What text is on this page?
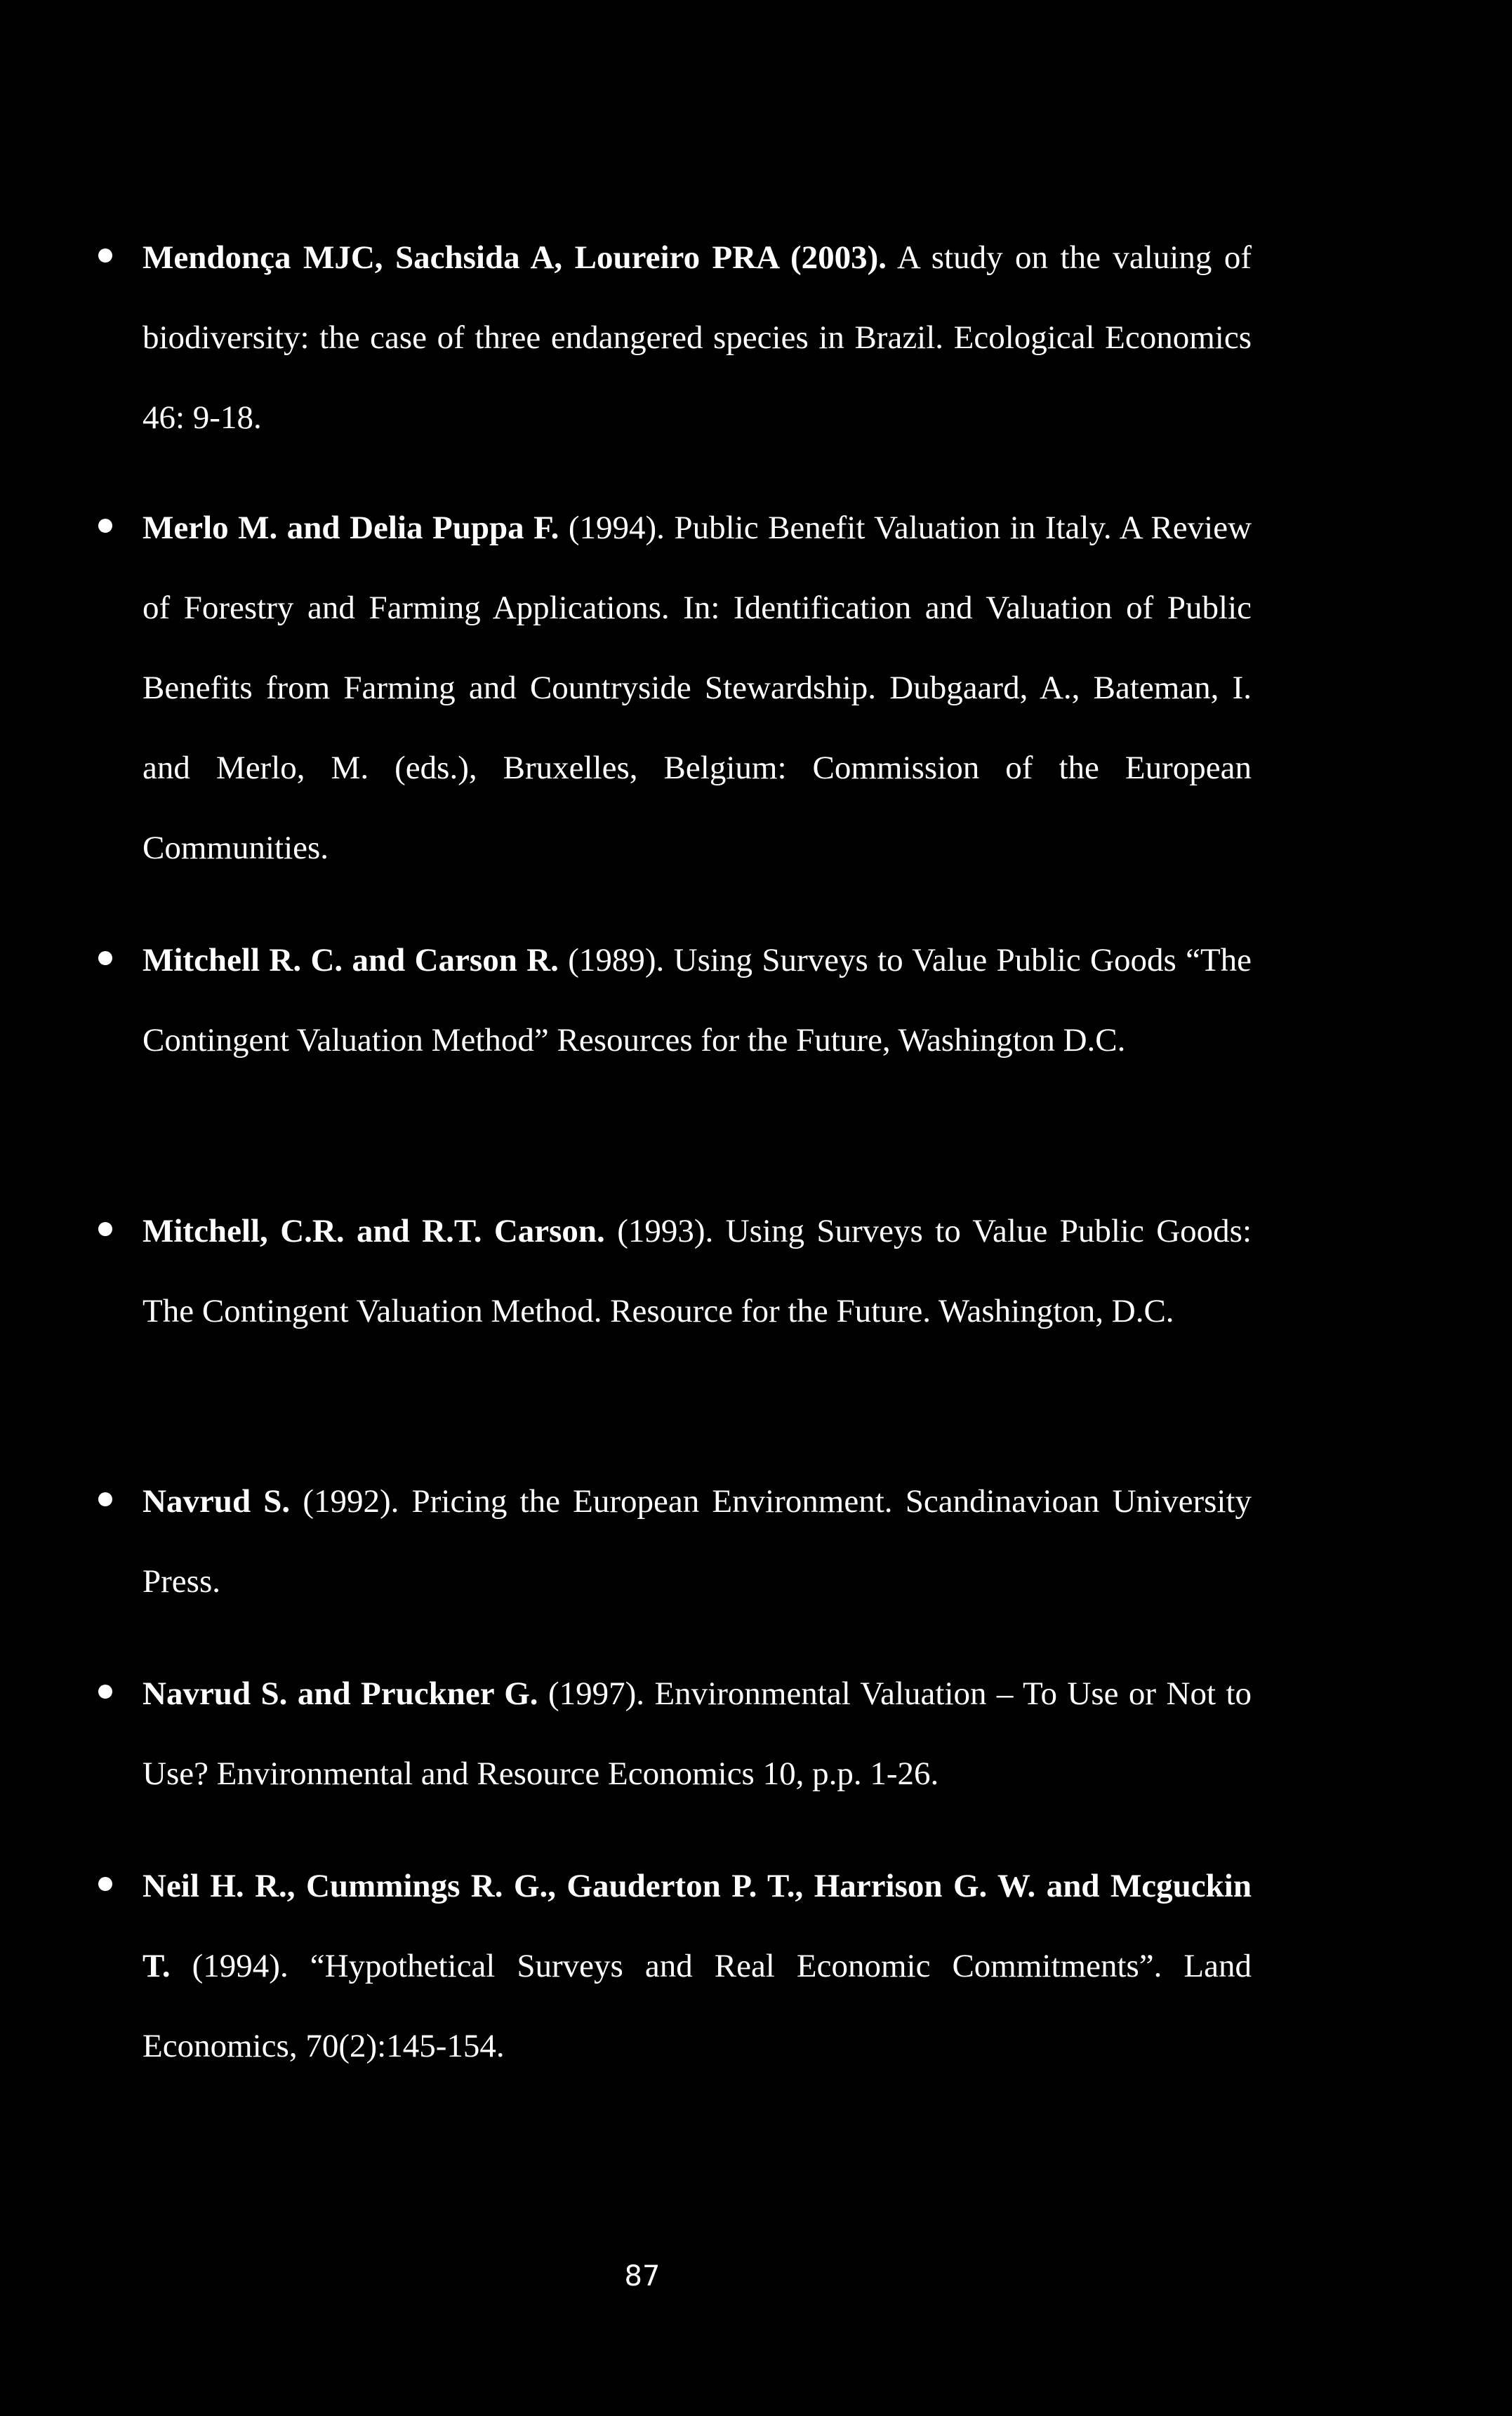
Mendonça MJC, Sachsida A, Loureiro PRA (2003). A study on the valuing of biodiversity: the case of three endangered species in Brazil. Ecological Economics 46: 9-18.
Merlo M. and Delia Puppa F. (1994). Public Benefit Valuation in Italy. A Review of Forestry and Farming Applications. In: Identification and Valuation of Public Benefits from Farming and Countryside Stewardship. Dubgaard, A., Bateman, I. and Merlo, M. (eds.), Bruxelles, Belgium: Commission of the European Communities.
Mitchell R. C. and Carson R. (1989). Using Surveys to Value Public Goods “The Contingent Valuation Method” Resources for the Future, Washington D.C.
Mitchell, C.R. and R.T. Carson. (1993). Using Surveys to Value Public Goods: The Contingent Valuation Method. Resource for the Future. Washington, D.C.
Navrud S. (1992). Pricing the European Environment. Scandinavioan University Press.
Navrud S. and Pruckner G. (1997). Environmental Valuation – To Use or Not to Use? Environmental and Resource Economics 10, p.p. 1-26.
Neil H. R., Cummings R. G., Gauderton P. T., Harrison G. W. and Mcguckin T. (1994). “Hypothetical Surveys and Real Economic Commitments”. Land Economics, 70(2):145-154.
87
